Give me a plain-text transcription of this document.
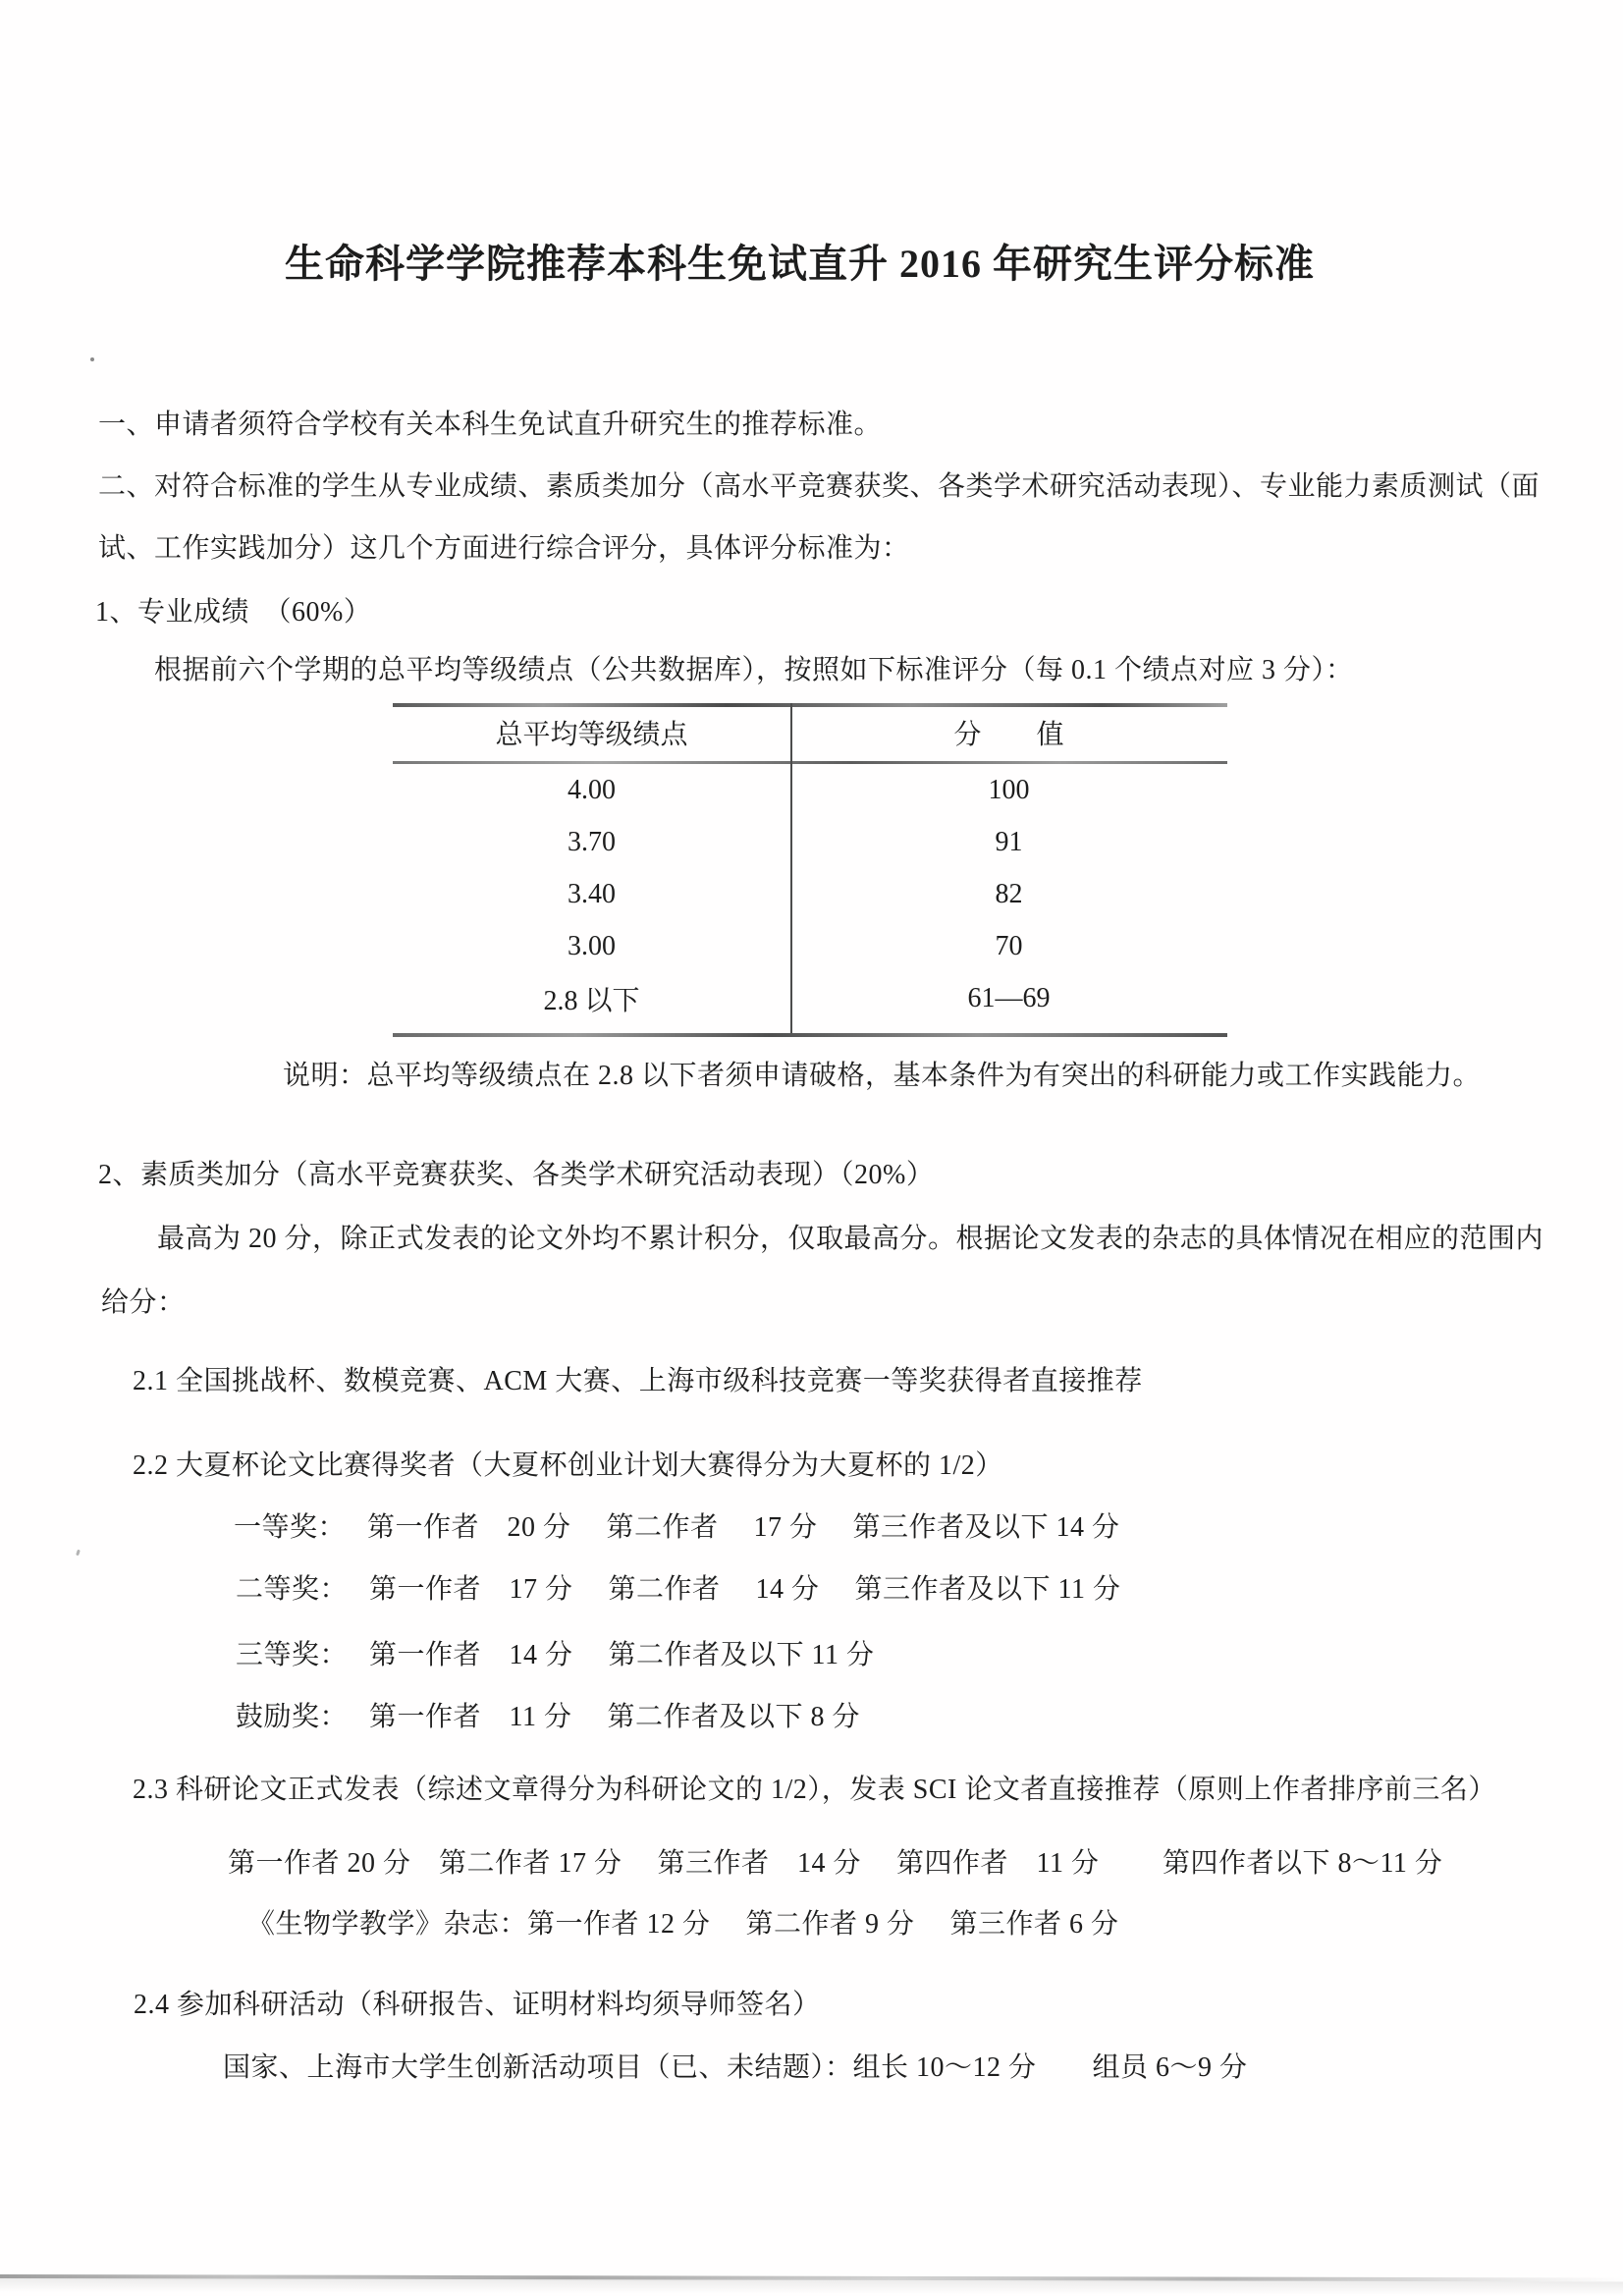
生命科学学院推荐本科生免试直升 2016 年研究生评分标准
一、申请者须符合学校有关本科生免试直升研究生的推荐标准。
二、对符合标准的学生从专业成绩、素质类加分（高水平竞赛获奖、各类学术研究活动表现）、专业能力素质测试（面
试、工作实践加分）这几个方面进行综合评分，具体评分标准为：
1、专业成绩　（60%）
根据前六个学期的总平均等级绩点（公共数据库），按照如下标准评分（每 0.1 个绩点对应 3 分）：
总平均等级绩点	分　　值
4.00	100
3.70	91
3.40	82
3.00	70
2.8 以下	61—69
说明：总平均等级绩点在 2.8 以下者须申请破格，基本条件为有突出的科研能力或工作实践能力。
2、素质类加分（高水平竞赛获奖、各类学术研究活动表现）（20%）
最高为 20 分，除正式发表的论文外均不累计积分，仅取最高分。根据论文发表的杂志的具体情况在相应的范围内
给分：
2.1 全国挑战杯、数模竞赛、ACM 大赛、上海市级科技竞赛一等奖获得者直接推荐
2.2 大夏杯论文比赛得奖者（大夏杯创业计划大赛得分为大夏杯的 1/2）
一等奖：　 第一作者　20 分　 第二作者　 17 分　 第三作者及以下 14 分
二等奖：　 第一作者　17 分　 第二作者　 14 分　 第三作者及以下 11 分
三等奖：　 第一作者　14 分　 第二作者及以下 11 分
鼓励奖：　 第一作者　11 分　 第二作者及以下 8 分
2.3 科研论文正式发表（综述文章得分为科研论文的 1/2），发表 SCI 论文者直接推荐（原则上作者排序前三名）
第一作者 20 分　第二作者 17 分　 第三作者　14 分　 第四作者　11 分　　 第四作者以下 8～11 分
《生物学教学》杂志：第一作者 12 分　 第二作者 9 分　 第三作者 6 分
2.4 参加科研活动（科研报告、证明材料均须导师签名）
国家、上海市大学生创新活动项目（已、未结题）：组长 10～12 分　　组员 6～9 分
